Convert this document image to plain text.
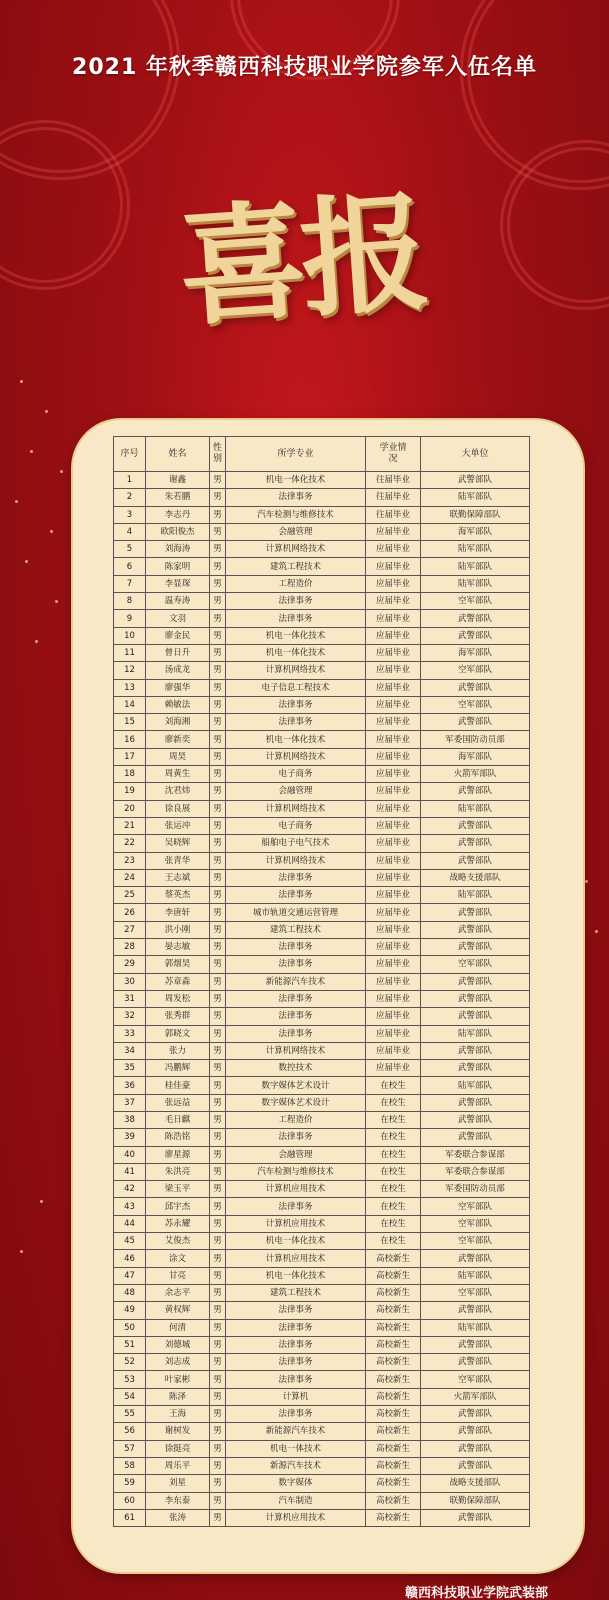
2021 年秋季赣西科技职业学院参军入伍名单
喜报
序号	姓名	性别	所学专业	学业情况	大单位
1	谢鑫	男	机电一体化技术	往届毕业	武警部队
2	朱若鹏	男	法律事务	往届毕业	陆军部队
3	李志丹	男	汽车检测与维修技术	往届毕业	联勤保障部队
4	欧阳俊杰	男	会融管理	应届毕业	海军部队
5	刘海涛	男	计算机网络技术	应届毕业	陆军部队
6	陈家明	男	建筑工程技术	应届毕业	陆军部队
7	李显琛	男	工程造价	应届毕业	陆军部队
8	温寿涛	男	法律事务	应届毕业	空军部队
9	文羽	男	法律事务	应届毕业	武警部队
10	廖金民	男	机电一体化技术	应届毕业	武警部队
11	曾日升	男	机电一体化技术	应届毕业	海军部队
12	汤成龙	男	计算机网络技术	应届毕业	空军部队
13	廖强华	男	电子信息工程技术	应届毕业	武警部队
14	赖敏法	男	法律事务	应届毕业	空军部队
15	刘海湘	男	法律事务	应届毕业	武警部队
16	廖新奕	男	机电一体化技术	应届毕业	军委国防动员部
17	周昊	男	计算机网络技术	应届毕业	海军部队
18	周黄生	男	电子商务	应届毕业	火箭军部队
19	沈君炜	男	会融管理	应届毕业	武警部队
20	徐良展	男	计算机网络技术	应届毕业	陆军部队
21	张运冲	男	电子商务	应届毕业	武警部队
22	吴晓辉	男	船舶电子电气技术	应届毕业	武警部队
23	张青华	男	计算机网络技术	应届毕业	武警部队
24	王志斌	男	法律事务	应届毕业	战略支援部队
25	蔡英杰	男	法律事务	应届毕业	陆军部队
26	李唐轩	男	城市轨道交通运营管理	应届毕业	武警部队
27	洪小刚	男	建筑工程技术	应届毕业	武警部队
28	晏志敏	男	法律事务	应届毕业	武警部队
29	郭烟昊	男	法律事务	应届毕业	空军部队
30	苏章森	男	新能源汽车技术	应届毕业	武警部队
31	周发松	男	法律事务	应届毕业	武警部队
32	张秀群	男	法律事务	应届毕业	武警部队
33	郭晓文	男	法律事务	应届毕业	陆军部队
34	张力	男	计算机网络技术	应届毕业	武警部队
35	冯鹏辉	男	数控技术	应届毕业	武警部队
36	桂佳豪	男	数字媒体艺术设计	在校生	陆军部队
37	张远益	男	数字媒体艺术设计	在校生	武警部队
38	毛日麒	男	工程造价	在校生	武警部队
39	陈浩铭	男	法律事务	在校生	武警部队
40	廖星源	男	会融管理	在校生	军委联合参谋部
41	朱洪亮	男	汽车检测与维修技术	在校生	军委联合参谋部
42	梁玉平	男	计算机应用技术	在校生	军委国防动员部
43	邱宇杰	男	法律事务	在校生	空军部队
44	苏永耀	男	计算机应用技术	在校生	空军部队
45	艾俊杰	男	机电一体化技术	在校生	空军部队
46	涂文	男	计算机应用技术	高校新生	武警部队
47	甘亮	男	机电一体化技术	高校新生	陆军部队
48	余志平	男	建筑工程技术	高校新生	空军部队
49	黄权辉	男	法律事务	高校新生	武警部队
50	何清	男	法律事务	高校新生	陆军部队
51	刘德城	男	法律事务	高校新生	武警部队
52	刘志成	男	法律事务	高校新生	武警部队
53	叶家彬	男	法律事务	高校新生	空军部队
54	陈泽	男	计算机	高校新生	火箭军部队
55	王海	男	法律事务	高校新生	武警部队
56	谢树发	男	新能源汽车技术	高校新生	武警部队
57	徐挺亮	男	机电一体技术	高校新生	武警部队
58	周乐平	男	新源汽车技术	高校新生	武警部队
59	刘星	男	数字媒体	高校新生	战略支援部队
60	李东泰	男	汽车制造	高校新生	联勤保障部队
61	张涛	男	计算机应用技术	高校新生	武警部队
赣西科技职业学院武装部
